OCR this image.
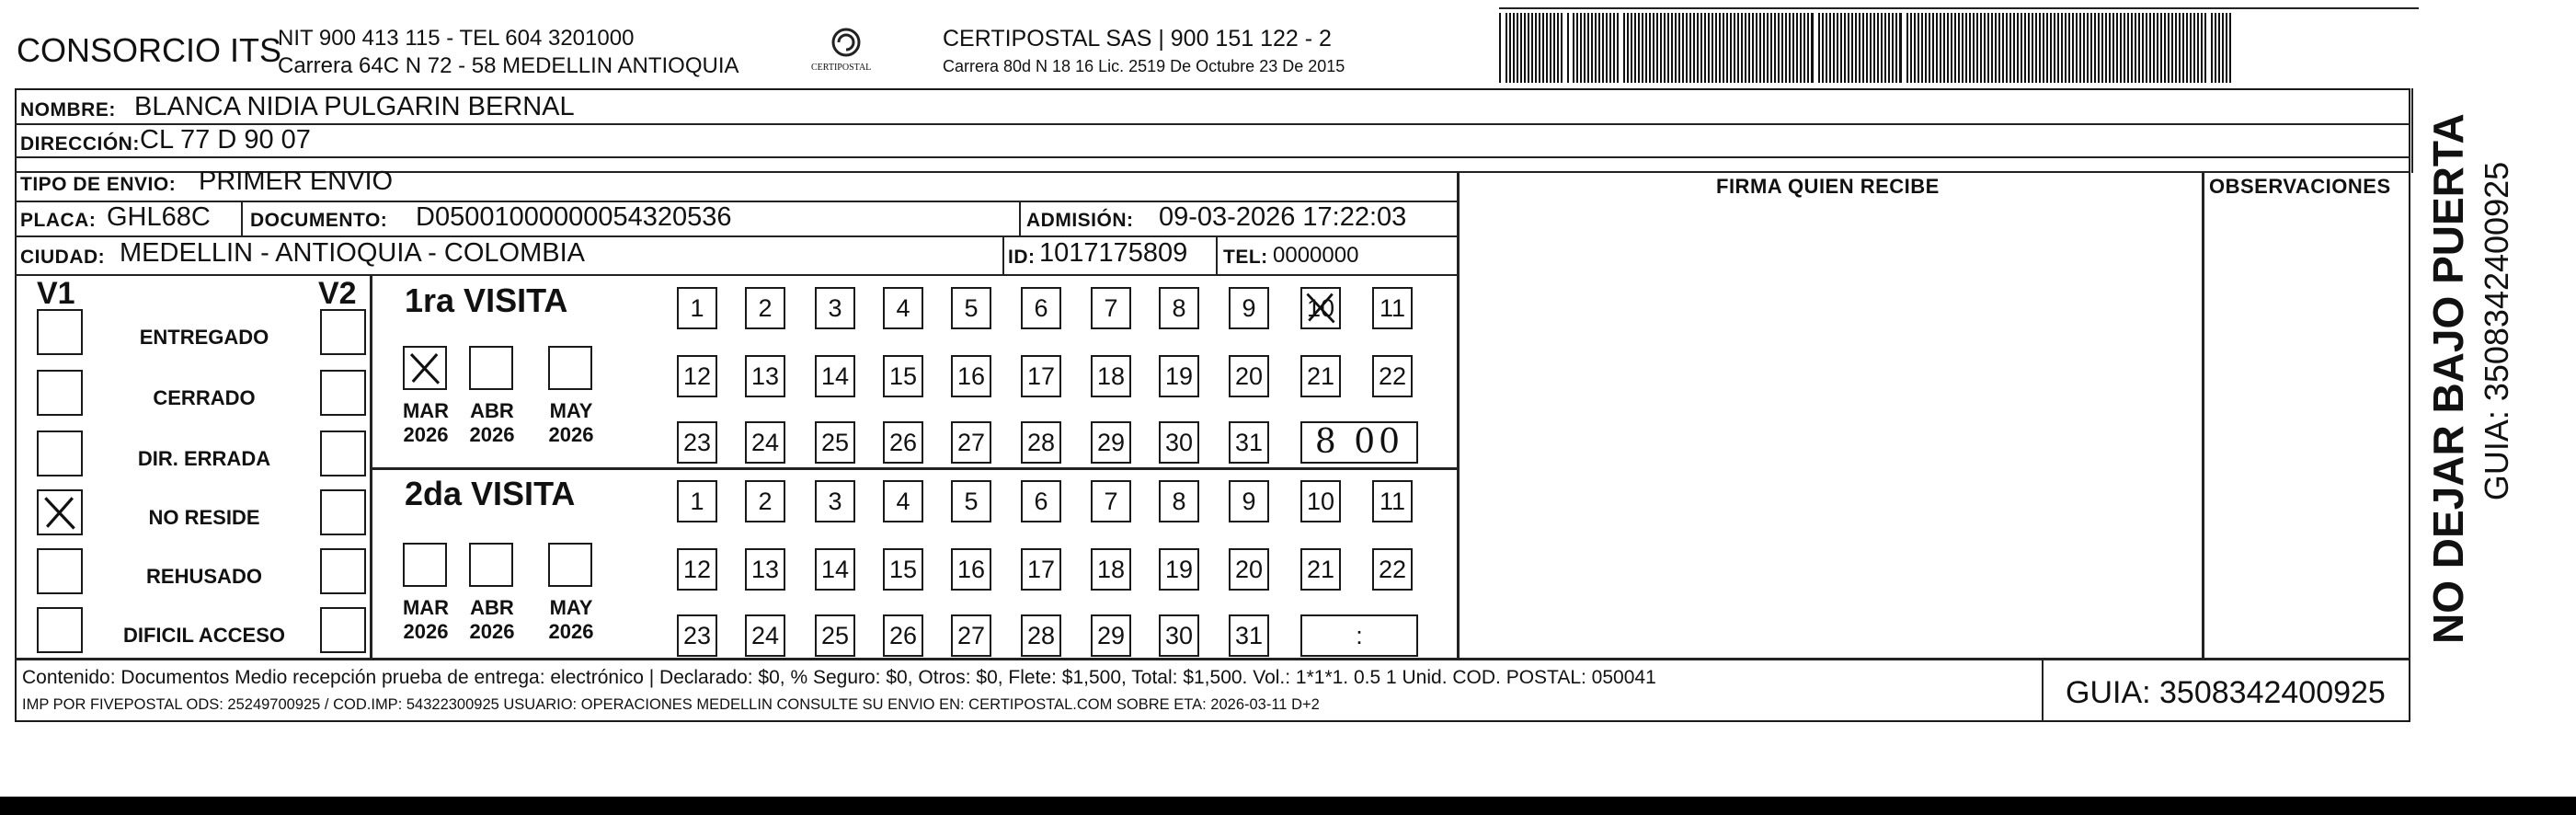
CONSORCIO ITS
NIT 900 413 115 - TEL 604 3201000
Carrera 64C N 72 - 58 MEDELLIN ANTIOQUIA	CERTIPOSTAL
CERTIPOSTAL SAS | 900 151 122 - 2
Carrera 80d N 18 16 Lic. 2519 De Octubre 23 De 2015
NOMBRE: BLANCA NIDIA PULGARIN BERNAL
DIRECCIÓN: CL 77 D 90 07
TIPO DE ENVIO: PRIMER ENVIO	FIRMA QUIEN RECIBE	OBSERVACIONES
PLACA: GHL68C DOCUMENTO: D05001000000054320536	ADMISIÓN: 09-03-2026 17:22:03
CIUDAD: MEDELLIN - ANTIOQUIA - COLOMBIA	ID: 1017175809 TEL: 0000000
V1	V2 1ra VISITA
2da VISITA
Contenido: Documentos Medio recepción prueba de entrega: electrónico | Declarado: $0, % Seguro: $0, Otros: $0, Flete: $1,500, Total: $1,500. Vol.: 1*1*1. 0.5 1 Unid. COD. POSTAL: 050041
IMP POR FIVEPOSTAL ODS: 25249700925 / COD.IMP: 54322300925 USUARIO: OPERACIONES MEDELLIN CONSULTE SU ENVIO EN: CERTIPOSTAL.COM SOBRE ETA: 2026-03-11 D+2	GUIA: 3508342400925
NO DEJAR BAJO PUERTA GUIA: 3508342400925
ENTREGADO
CERRADO
DIR. ERRADA
NO RESIDE
REHUSADO
DIFICIL ACCESO
MAR
2026
ABR
2026
MAY
2026
MAR
2026
ABR
2026
MAY
2026
1	2	3	4	5	6	7	8	9	10 11
12 13 14 15 16 17 18 19 20 21 22
23 24 25 26 27 28 29 30 31	8 00
1	2	3	4	5	6	7	8	9	10 11
12 13 14 15 16 17 18 19 20 21 22
23 24 25 26 27 28 29 30 31	:
